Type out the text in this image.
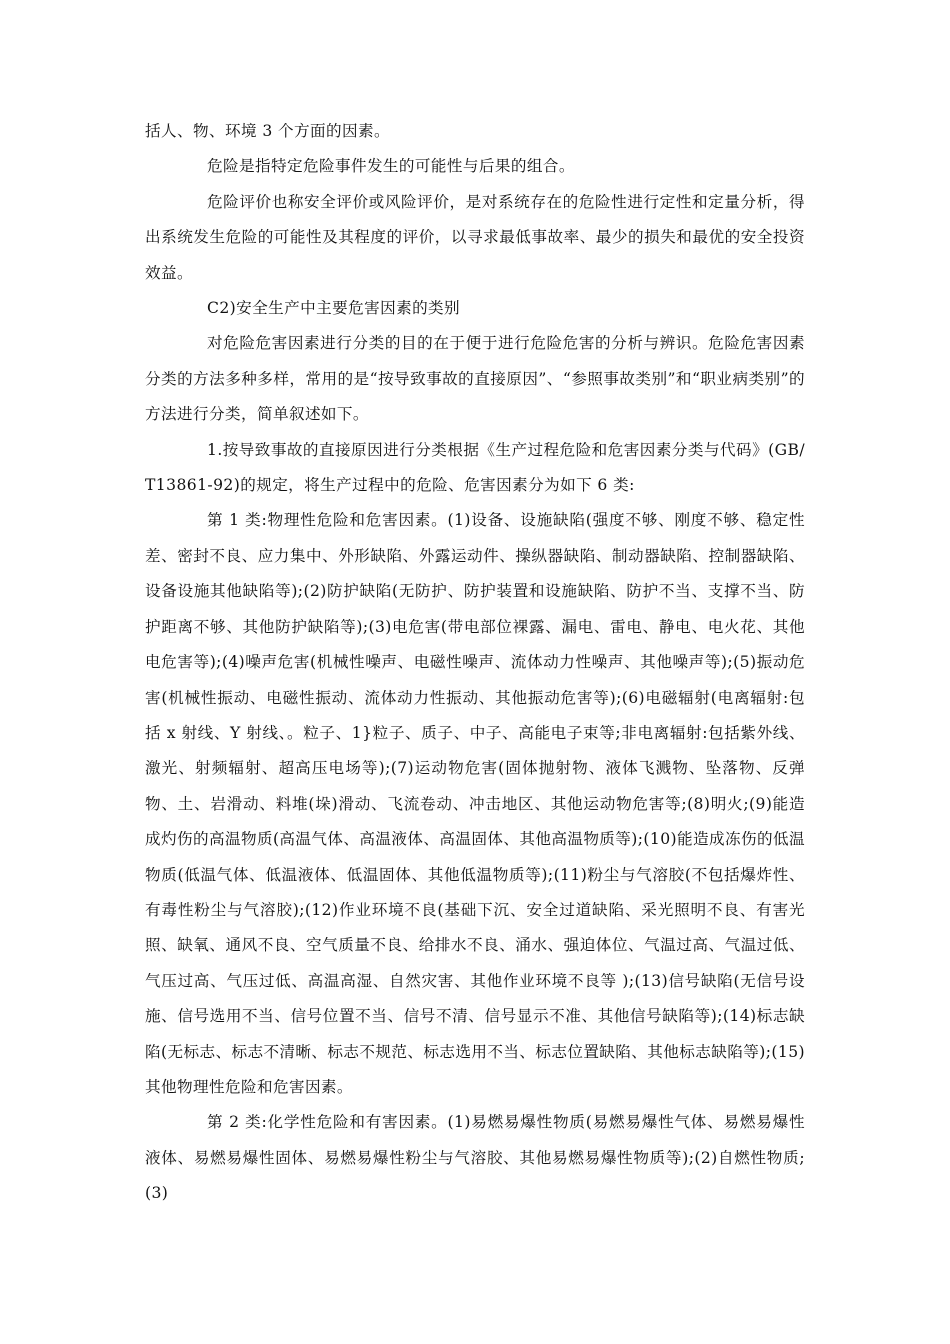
括人、物、环境 3 个方面的因素。

危险是指特定危险事件发生的可能性与后果的组合。

危险评价也称安全评价或风险评价，是对系统存在的危险性进行定性和定量分析，得出系统发生危险的可能性及其程度的评价，以寻求最低事故率、最少的损失和最优的安全投资效益。

C2)安全生产中主要危害因素的类别

对危险危害因素进行分类的目的在于便于进行危险危害的分析与辨识。危险危害因素分类的方法多种多样，常用的是“按导致事故的直接原因”、“参照事故类别”和“职业病类别”的方法进行分类，简单叙述如下。

1.按导致事故的直接原因进行分类根据《生产过程危险和危害因素分类与代码》(GB/T13861-92)的规定，将生产过程中的危险、危害因素分为如下 6 类:

第 1 类:物理性危险和危害因素。(1)设备、设施缺陷(强度不够、刚度不够、稳定性差、密封不良、应力集中、外形缺陷、外露运动件、操纵器缺陷、制动器缺陷、控制器缺陷、设备设施其他缺陷等);(2)防护缺陷(无防护、防护装置和设施缺陷、防护不当、支撑不当、防护距离不够、其他防护缺陷等);(3)电危害(带电部位裸露、漏电、雷电、静电、电火花、其他电危害等);(4)噪声危害(机械性噪声、电磁性噪声、流体动力性噪声、其他噪声等);(5)振动危害(机械性振动、电磁性振动、流体动力性振动、其他振动危害等);(6)电磁辐射(电离辐射:包括 x 射线、Y 射线、。粒子、1}粒子、质子、中子、高能电子束等;非电离辐射:包括紫外线、激光、射频辐射、超高压电场等);(7)运动物危害(固体抛射物、液体飞溅物、坠落物、反弹物、土、岩滑动、料堆(垛)滑动、飞流卷动、冲击地区、其他运动物危害等;(8)明火;(9)能造成灼伤的高温物质(高温气体、高温液体、高温固体、其他高温物质等);(10)能造成冻伤的低温物质(低温气体、低温液体、低温固体、其他低温物质等);(11)粉尘与气溶胶(不包括爆炸性、有毒性粉尘与气溶胶);(12)作业环境不良(基础下沉、安全过道缺陷、采光照明不良、有害光照、缺氧、通风不良、空气质量不良、给排水不良、涌水、强迫体位、气温过高、气温过低、气压过高、气压过低、高温高湿、自然灾害、其他作业环境不良等 );(13)信号缺陷(无信号设施、信号选用不当、信号位置不当、信号不清、信号显示不准、其他信号缺陷等);(14)标志缺陷(无标志、标志不清晰、标志不规范、标志选用不当、标志位置缺陷、其他标志缺陷等);(15)其他物理性危险和危害因素。

第 2 类:化学性危险和有害因素。(1)易燃易爆性物质(易燃易爆性气体、易燃易爆性液体、易燃易爆性固体、易燃易爆性粉尘与气溶胶、其他易燃易爆性物质等);(2)自燃性物质;(3)
